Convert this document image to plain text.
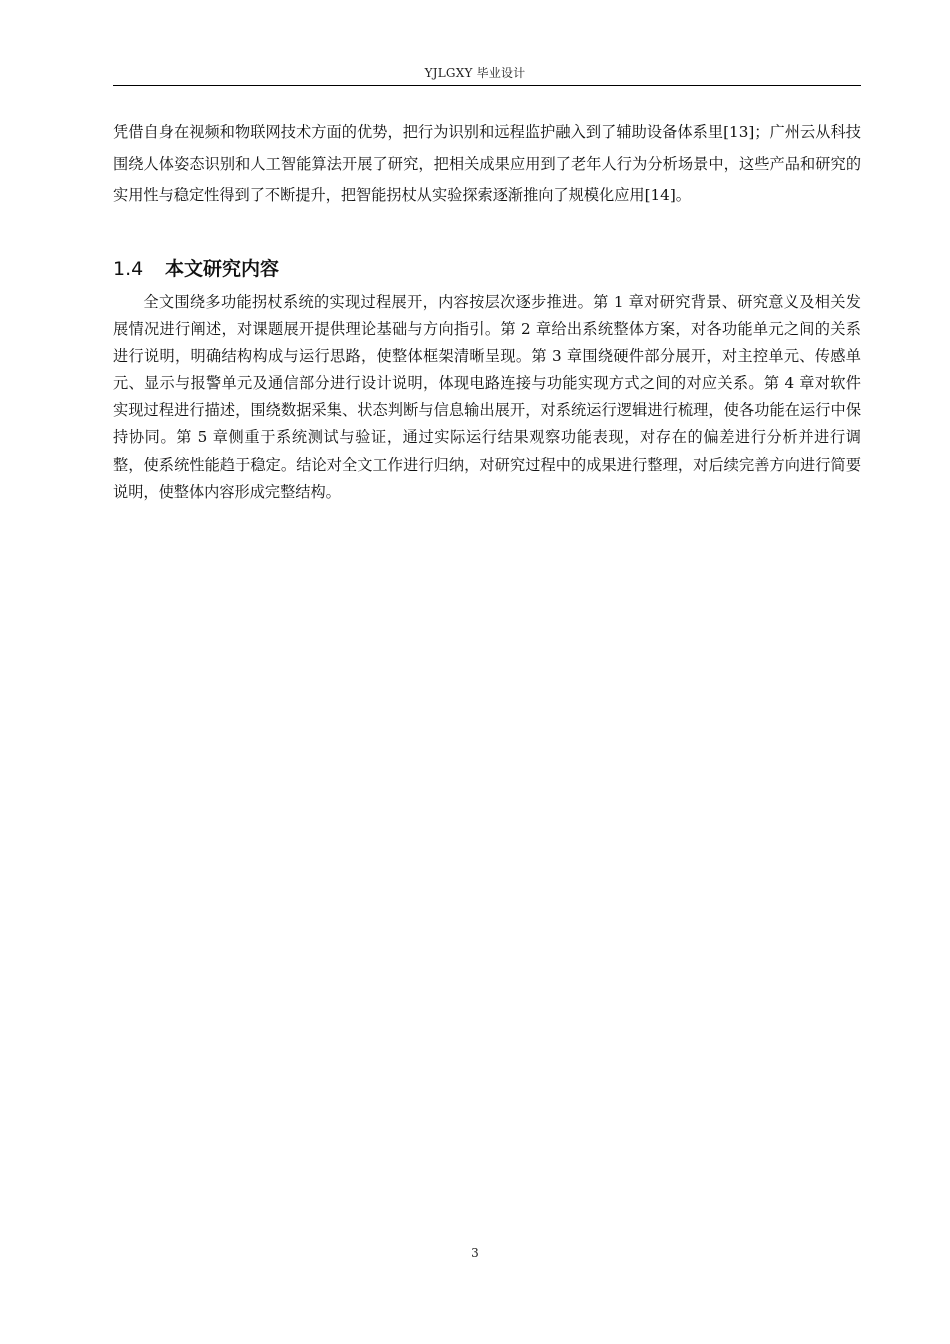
YJLGXY 毕业设计

凭借自身在视频和物联网技术方面的优势，把行为识别和远程监护融入到了辅助设备体系里[13]；广州云从科技围绕人体姿态识别和人工智能算法开展了研究，把相关成果应用到了老年人行为分析场景中，这些产品和研究的实用性与稳定性得到了不断提升，把智能拐杖从实验探索逐渐推向了规模化应用[14]。

1.4 本文研究内容

全文围绕多功能拐杖系统的实现过程展开，内容按层次逐步推进。第 1 章对研究背景、研究意义及相关发展情况进行阐述，对课题展开提供理论基础与方向指引。第 2 章给出系统整体方案，对各功能单元之间的关系进行说明，明确结构构成与运行思路，使整体框架清晰呈现。第 3 章围绕硬件部分展开，对主控单元、传感单元、显示与报警单元及通信部分进行设计说明，体现电路连接与功能实现方式之间的对应关系。第 4 章对软件实现过程进行描述，围绕数据采集、状态判断与信息输出展开，对系统运行逻辑进行梳理，使各功能在运行中保持协同。第 5 章侧重于系统测试与验证，通过实际运行结果观察功能表现，对存在的偏差进行分析并进行调整，使系统性能趋于稳定。结论对全文工作进行归纳，对研究过程中的成果进行整理，对后续完善方向进行简要说明，使整体内容形成完整结构。

3
